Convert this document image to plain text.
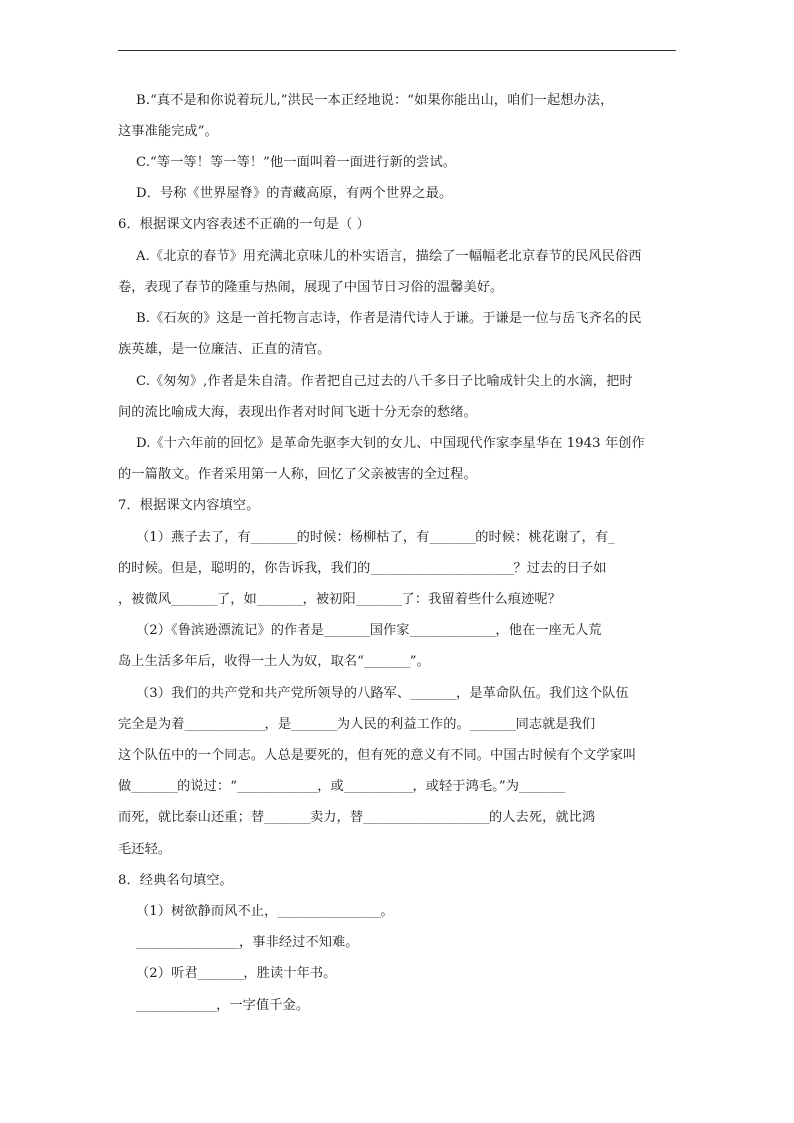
B.“真不是和你说着玩儿,”洪民一本正经地说：“如果你能出山，咱们一起想办法，
这事准能完成”。
C.“等一等！等一等！”他一面叫着一面进行新的尝试。
D．号称《世界屋脊》的青藏高原，有两个世界之最。
6．根据课文内容表述不正确的一句是（ ）
A.《北京的春节》用充满北京味儿的朴实语言，描绘了一幅幅老北京春节的民风民俗西
卷，表现了春节的隆重与热闹，展现了中国节日习俗的温馨美好。
B.《石灰的》这是一首托物言志诗，作者是清代诗人于谦。于谦是一位与岳飞齐名的民
族英雄，是一位廉洁、正直的清官。
C.《匆匆》,作者是朱自清。作者把自己过去的八千多日子比喻成针尖上的水滴，把时
间的流比喻成大海，表现出作者对时间飞逝十分无奈的愁绪。
D.《十六年前的回忆》是革命先驱李大钊的女儿、中国现代作家李星华在 1943 年创作
的一篇散文。作者采用第一人称，回忆了父亲被害的全过程。
7．根据课文内容填空。
（1）燕子去了，有________的时候：杨柳枯了，有________的时候：桃花谢了，有_
的时候。但是，聪明的，你告诉我，我们的_________________________？过去的日子如
，被微风________了，如________，被初阳________了：我留着些什么痕迹呢？
（2）《鲁滨逊漂流记》的作者是________国作家_______________，他在一座无人荒
岛上生活多年后，收得一土人为奴，取名“________”。
（3）我们的共产党和共产党所领导的八路军、________，是革命队伍。我们这个队伍
完全是为着______________，是________为人民的利益工作的。________同志就是我们
这个队伍中的一个同志。人总是要死的，但有死的意义有不同。中国古时候有个文学家叫
做________的说过：“______________，或____________，或轻于鸿毛。”为________
而死，就比泰山还重；替________卖力，替______________________的人去死，就比鸿
毛还轻。
8．经典名句填空。
（1）树欲静而风不止，__________________。
__________________，事非经过不知难。
（2）听君________，胜读十年书。
______________，一字值千金。
